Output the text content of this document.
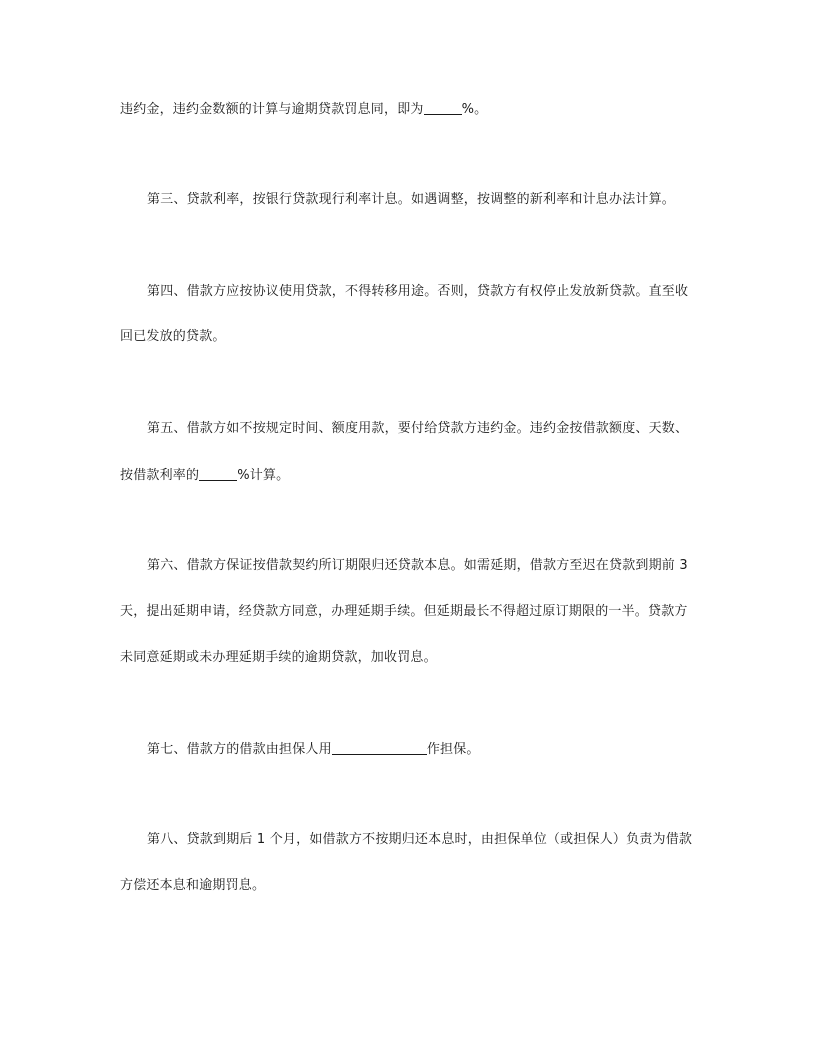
违约金，违约金数额的计算与逾期贷款罚息同，即为	%。
第三、贷款利率，按银行贷款现行利率计息。如遇调整，按调整的新利率和计息办法计算。
第四、借款方应按协议使用贷款，不得转移用途。否则，贷款方有权停止发放新贷款。直至收
回已发放的贷款。
第五、借款方如不按规定时间、额度用款，要付给贷款方违约金。违约金按借款额度、天数、
按借款利率的	%计算。
第六、借款方保证按借款契约所订期限归还贷款本息。如需延期，借款方至迟在贷款到期前 3
天，提出延期申请，经贷款方同意，办理延期手续。但延期最长不得超过原订期限的一半。贷款方
未同意延期或未办理延期手续的逾期贷款，加收罚息。
第七、借款方的借款由担保人用	作担保。
第八、贷款到期后 1 个月，如借款方不按期归还本息时，由担保单位（或担保人）负责为借款
方偿还本息和逾期罚息。
